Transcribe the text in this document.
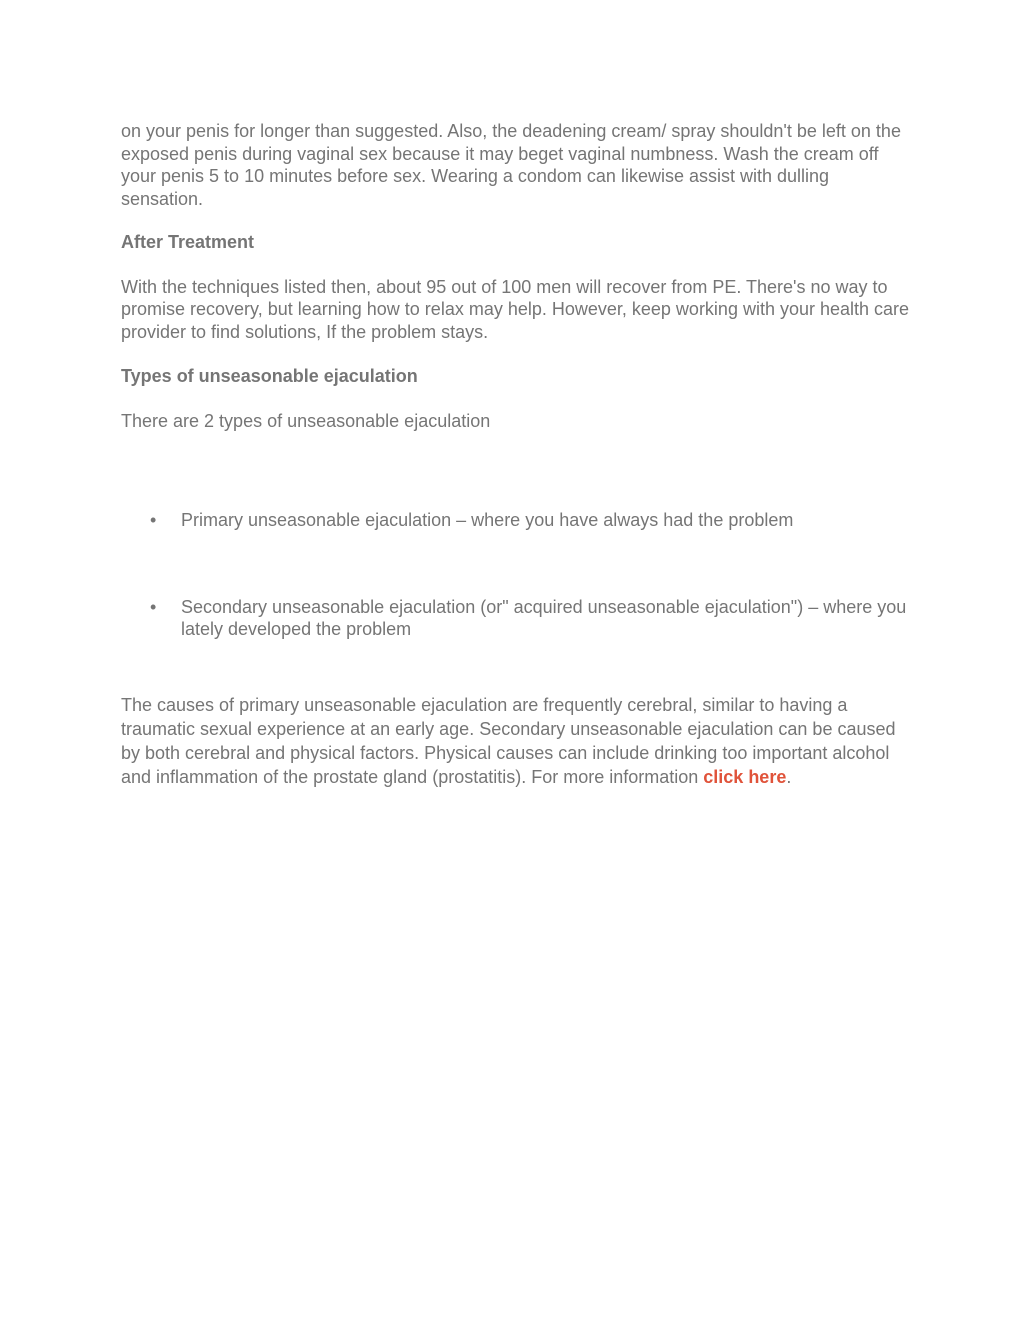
on your penis for longer than suggested. Also, the deadening cream/ spray shouldn't be left on the exposed penis during vaginal sex because it may beget vaginal numbness. Wash the cream off your penis 5 to 10 minutes before sex. Wearing a condom can likewise assist with dulling sensation.

After Treatment

With the techniques listed then, about 95 out of 100 men will recover from PE. There's no way to promise recovery, but learning how to relax may help. However, keep working with your health care provider to find solutions, If the problem stays.

Types of unseasonable ejaculation

There are 2 types of unseasonable ejaculation

• Primary unseasonable ejaculation – where you have always had the problem
• Secondary unseasonable ejaculation (or" acquired unseasonable ejaculation") – where you lately developed the problem

The causes of primary unseasonable ejaculation are frequently cerebral, similar to having a traumatic sexual experience at an early age. Secondary unseasonable ejaculation can be caused by both cerebral and physical factors. Physical causes can include drinking too important alcohol and inflammation of the prostate gland (prostatitis). For more information click here.
